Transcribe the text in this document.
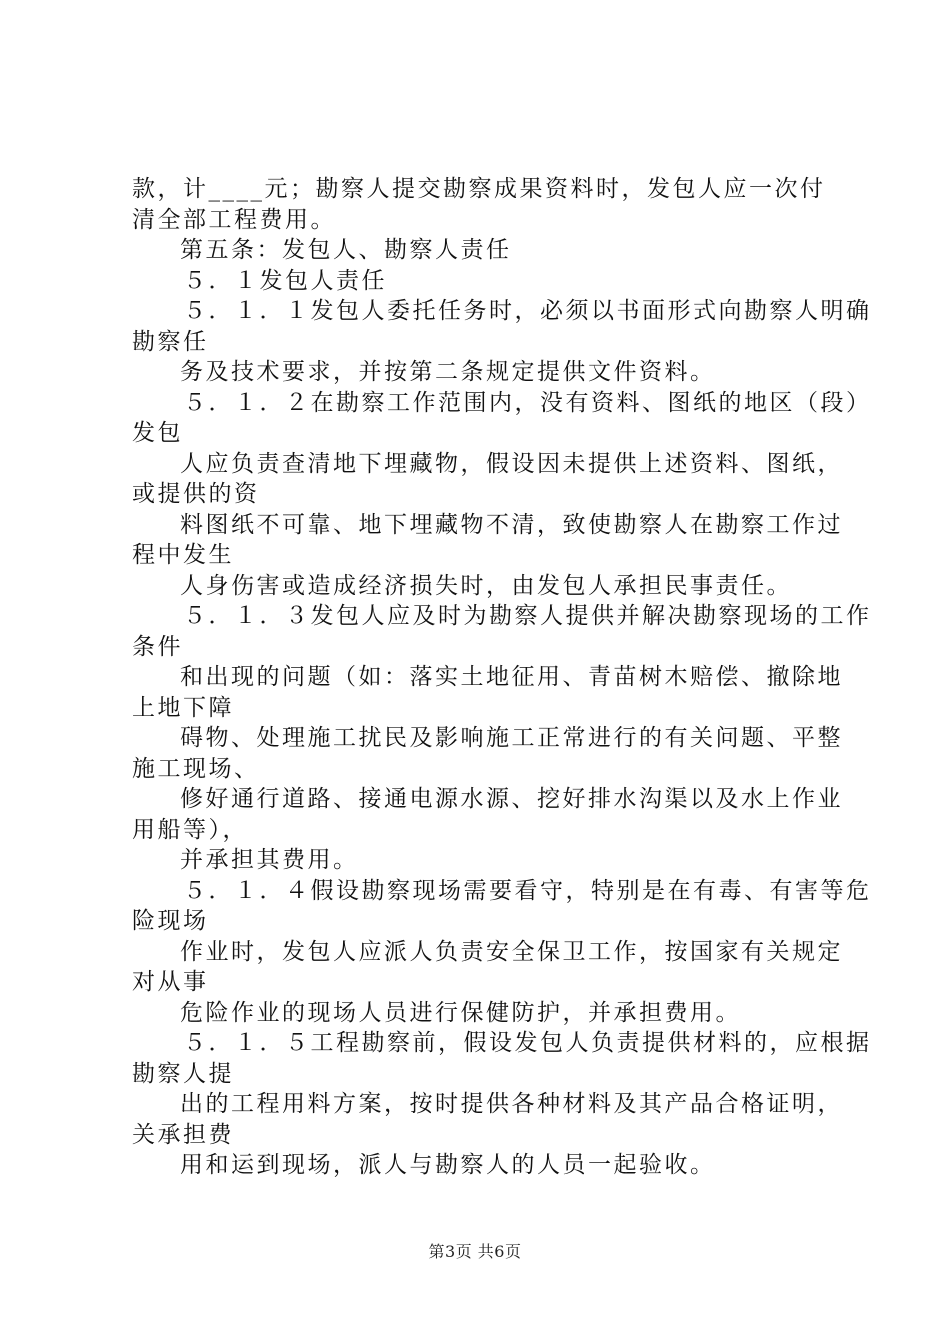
款，计____元；勘察人提交勘察成果资料时，发包人应一次付
清全部工程费用。
第五条：发包人、勘察人责任
５．１发包人责任
５．１．１发包人委托任务时，必须以书面形式向勘察人明确
勘察任
务及技术要求，并按第二条规定提供文件资料。
５．１．２在勘察工作范围内，没有资料、图纸的地区（段）
发包
人应负责查清地下埋藏物，假设因未提供上述资料、图纸，
或提供的资
料图纸不可靠、地下埋藏物不清，致使勘察人在勘察工作过
程中发生
人身伤害或造成经济损失时，由发包人承担民事责任。
５．１．３发包人应及时为勘察人提供并解决勘察现场的工作
条件
和出现的问题（如：落实土地征用、青苗树木赔偿、撤除地
上地下障
碍物、处理施工扰民及影响施工正常进行的有关问题、平整
施工现场、
修好通行道路、接通电源水源、挖好排水沟渠以及水上作业
用船等），
并承担其费用。
５．１．４假设勘察现场需要看守，特别是在有毒、有害等危
险现场
作业时，发包人应派人负责安全保卫工作，按国家有关规定
对从事
危险作业的现场人员进行保健防护，并承担费用。
５．１．５工程勘察前，假设发包人负责提供材料的，应根据
勘察人提
出的工程用料方案，按时提供各种材料及其产品合格证明，
关承担费
用和运到现场，派人与勘察人的人员一起验收。
第3页 共6页
